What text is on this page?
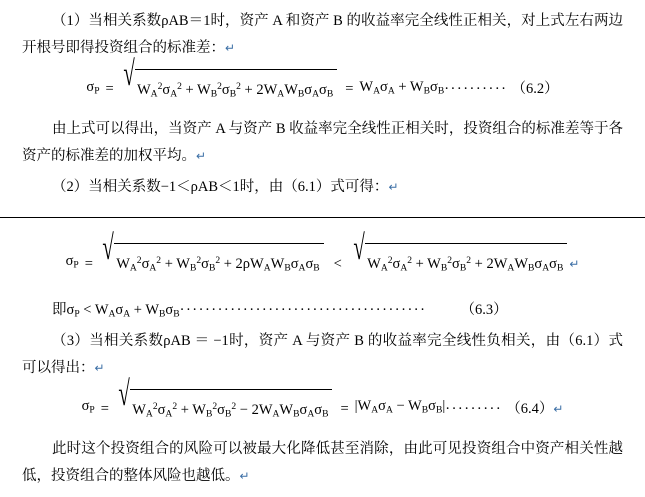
（1）当相关系数ρAB＝1时，资产 A 和资产 B 的收益率完全线性正相关，对上式左右两边开根号即得投资组合的标准差：↵

$\sigma_P$ = √ $W_A^2\sigma_A^2 + W_B^2\sigma_B^2 + 2W_AW_B\sigma_A\sigma_B = W_A\sigma_A + W_B\sigma_B$ ·········· （6.2）

由上式可以得出，当资产 A 与资产 B 收益率完全线性正相关时，投资组合的标准差等于各资产的标准差的加权平均。↵

（2）当相关系数−1＜ρAB＜1时，由（6.1）式可得：↵

$\sigma_P$ = √ $W_A^2\sigma_A^2 + W_B^2\sigma_B^2 + 2\rho W_AW_B\sigma_A\sigma_B$ < √ $W_A^2\sigma_A^2 + W_B^2\sigma_B^2 + 2W_AW_B\sigma_A\sigma_B$ ↵

即$\sigma_P < W_A\sigma_A + W_B\sigma_B\cdot\cdot\cdot\cdot\cdot\cdot\cdot\cdot\cdot\cdot\cdot\cdot\cdot\cdot\cdot\cdot\cdot\cdot\cdot\cdot\cdot\cdot\cdot\cdot\cdot\cdot\cdot\cdot\cdot\cdot\cdot\cdot\cdot\cdot\cdot\cdot\cdot\cdot\cdot (6.3)$

（3）当相关系数ρAB ＝ −1时，资产 A 与资产 B 的收益率完全线性负相关，由（6.1）式可以得出：↵

$\sigma_P$ = √ $W_A^2\sigma_A^2 + W_B^2\sigma_B^2 - 2W_AW_B\sigma_A\sigma_B = |W_A\sigma_A - W_B\sigma_B|$ ········· （6.4） ↵

此时这个投资组合的风险可以被最大化降低甚至消除，由此可见投资组合中资产相关性越低，投资组合的整体风险也越低。↵
